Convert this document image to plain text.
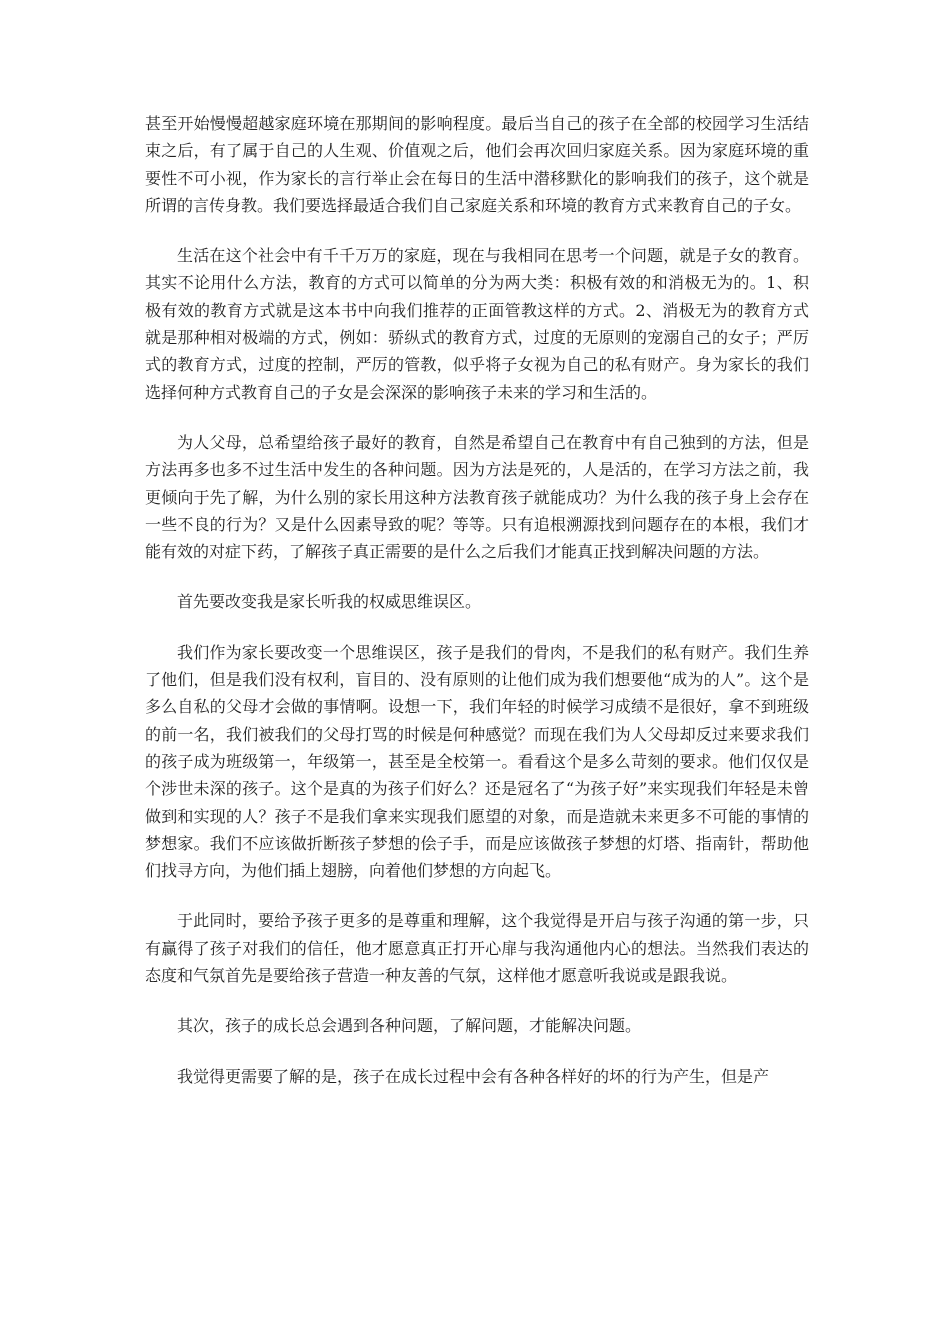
甚至开始慢慢超越家庭环境在那期间的影响程度。最后当自己的孩子在全部的校园学习生活结束之后，有了属于自己的人生观、价值观之后，他们会再次回归家庭关系。因为家庭环境的重要性不可小视，作为家长的言行举止会在每日的生活中潜移默化的影响我们的孩子，这个就是所谓的言传身教。我们要选择最适合我们自己家庭关系和环境的教育方式来教育自己的子女。

生活在这个社会中有千千万万的家庭，现在与我相同在思考一个问题，就是子女的教育。其实不论用什么方法，教育的方式可以简单的分为两大类：积极有效的和消极无为的。1、积极有效的教育方式就是这本书中向我们推荐的正面管教这样的方式。2、消极无为的教育方式就是那种相对极端的方式，例如：骄纵式的教育方式，过度的无原则的宠溺自己的女子；严厉式的教育方式，过度的控制，严厉的管教，似乎将子女视为自己的私有财产。身为家长的我们选择何种方式教育自己的子女是会深深的影响孩子未来的学习和生活的。

为人父母，总希望给孩子最好的教育，自然是希望自己在教育中有自己独到的方法，但是方法再多也多不过生活中发生的各种问题。因为方法是死的，人是活的，在学习方法之前，我更倾向于先了解，为什么别的家长用这种方法教育孩子就能成功？为什么我的孩子身上会存在一些不良的行为？又是什么因素导致的呢？等等。只有追根溯源找到问题存在的本根，我们才能有效的对症下药，了解孩子真正需要的是什么之后我们才能真正找到解决问题的方法。

首先要改变我是家长听我的权威思维误区。

我们作为家长要改变一个思维误区，孩子是我们的骨肉，不是我们的私有财产。我们生养了他们，但是我们没有权利，盲目的、没有原则的让他们成为我们想要他“成为的人”。这个是多么自私的父母才会做的事情啊。设想一下，我们年轻的时候学习成绩不是很好，拿不到班级的前一名，我们被我们的父母打骂的时候是何种感觉？而现在我们为人父母却反过来要求我们的孩子成为班级第一，年级第一，甚至是全校第一。看看这个是多么苛刻的要求。他们仅仅是个涉世未深的孩子。这个是真的为孩子们好么？还是冠名了“为孩子好”来实现我们年轻是未曾做到和实现的人？孩子不是我们拿来实现我们愿望的对象，而是造就未来更多不可能的事情的梦想家。我们不应该做折断孩子梦想的侩子手，而是应该做孩子梦想的灯塔、指南针，帮助他们找寻方向，为他们插上翅膀，向着他们梦想的方向起飞。

于此同时，要给予孩子更多的是尊重和理解，这个我觉得是开启与孩子沟通的第一步，只有赢得了孩子对我们的信任，他才愿意真正打开心扉与我沟通他内心的想法。当然我们表达的态度和气氛首先是要给孩子营造一种友善的气氛，这样他才愿意听我说或是跟我说。

其次，孩子的成长总会遇到各种问题，了解问题，才能解决问题。

我觉得更需要了解的是，孩子在成长过程中会有各种各样好的坏的行为产生，但是产
